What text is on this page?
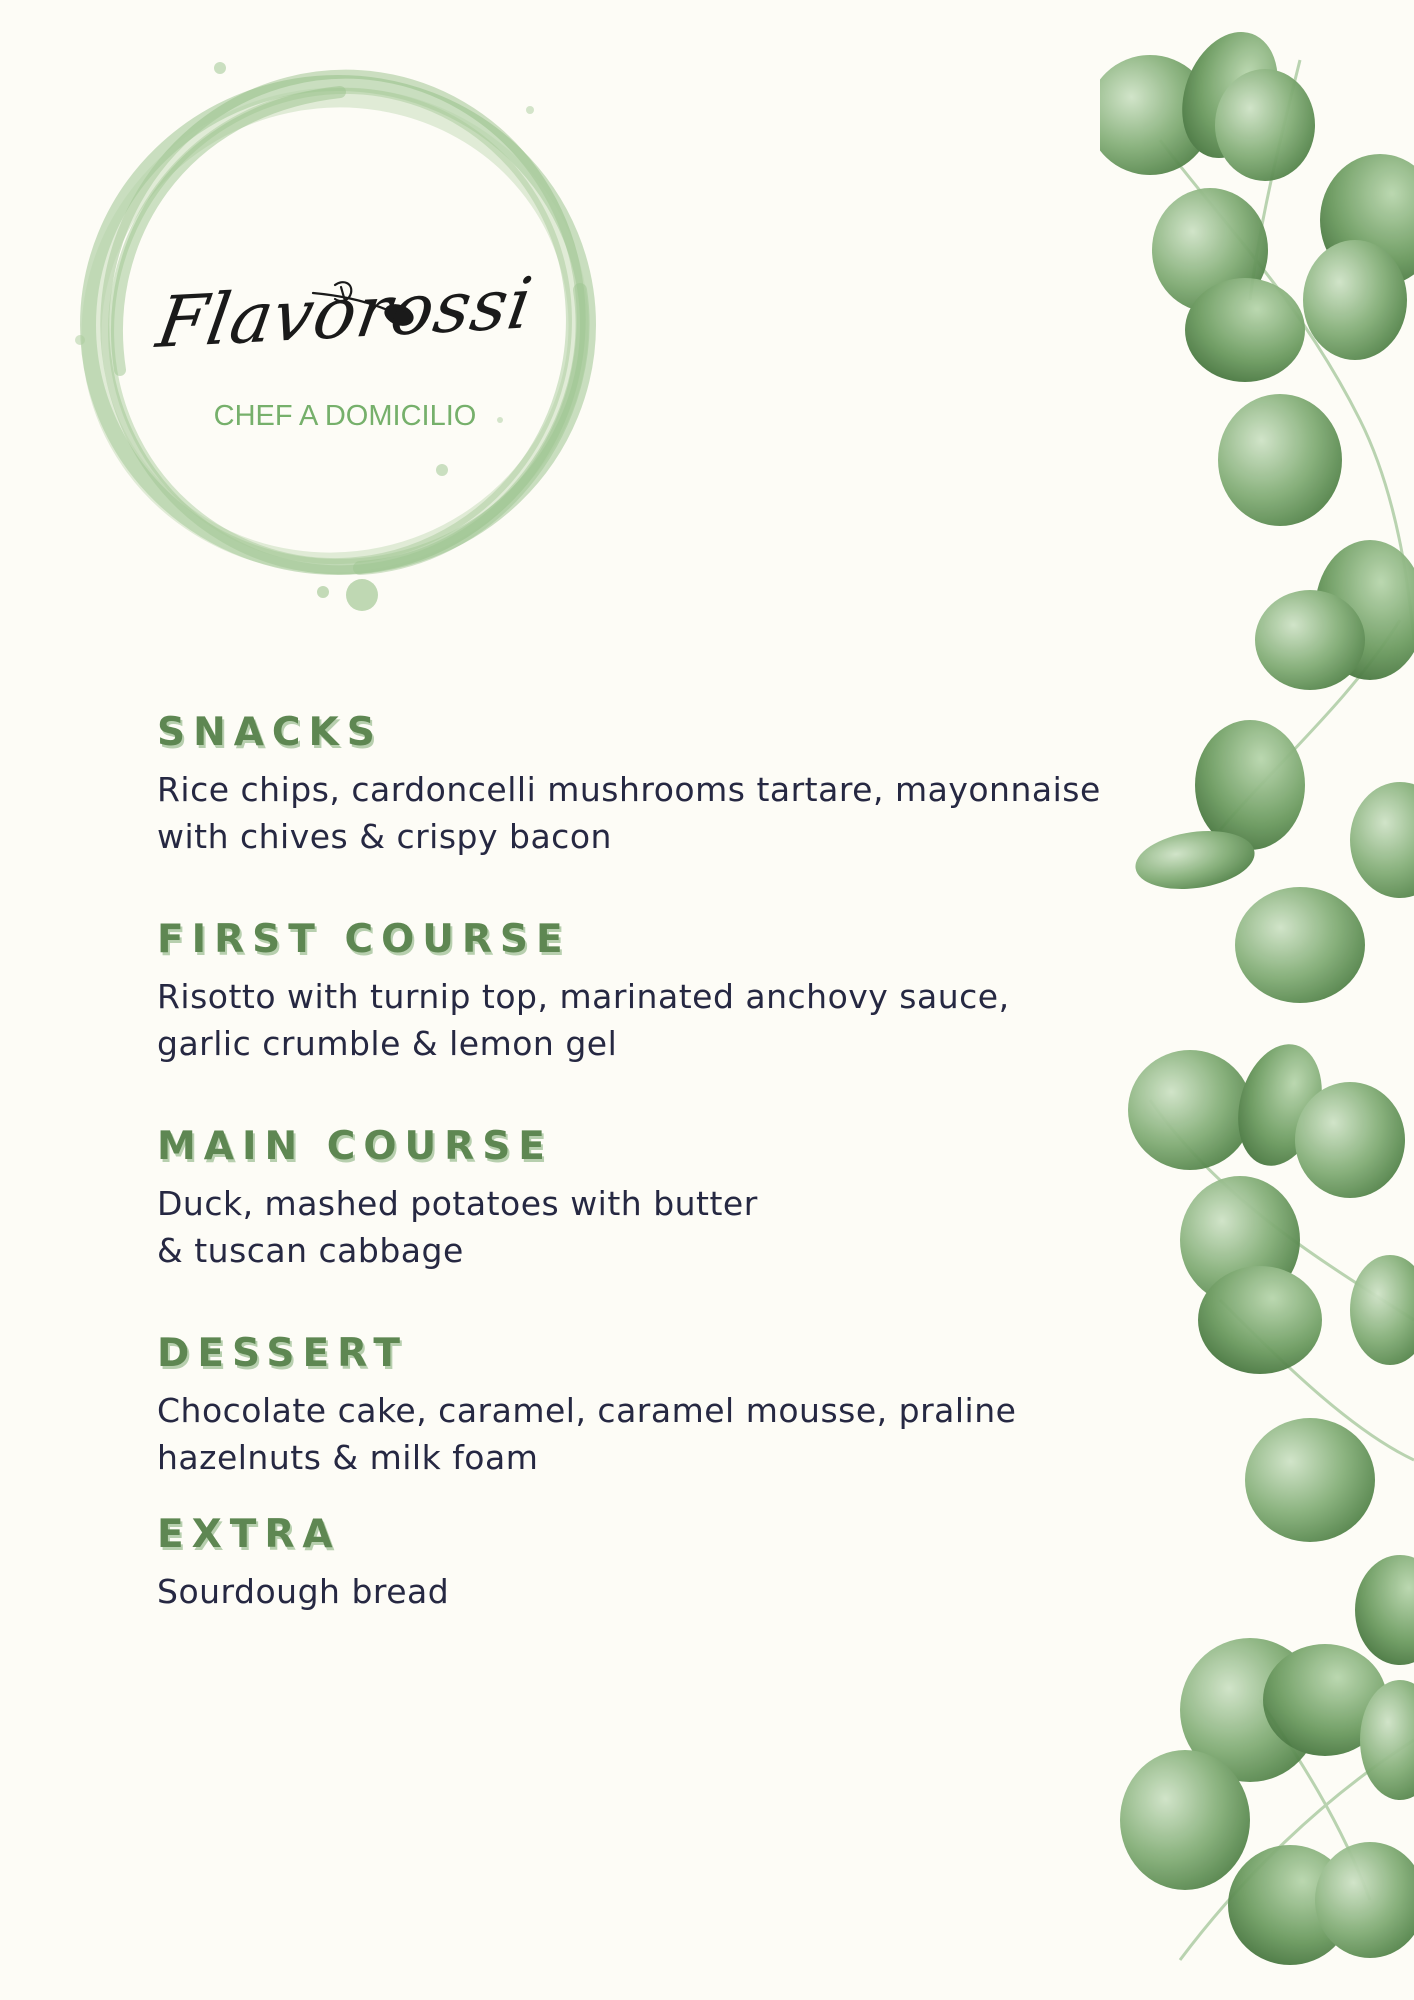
Flavorossi
CHEF A DOMICILIO
SNACKS
Rice chips, cardoncelli mushrooms tartare, mayonnaise
with chives & crispy bacon
FIRST COURSE
Risotto with turnip top, marinated anchovy sauce,
garlic crumble & lemon gel
MAIN COURSE
Duck, mashed potatoes with butter
& tuscan cabbage
DESSERT
Chocolate cake, caramel, caramel mousse, praline
hazelnuts & milk foam
EXTRA
Sourdough bread
